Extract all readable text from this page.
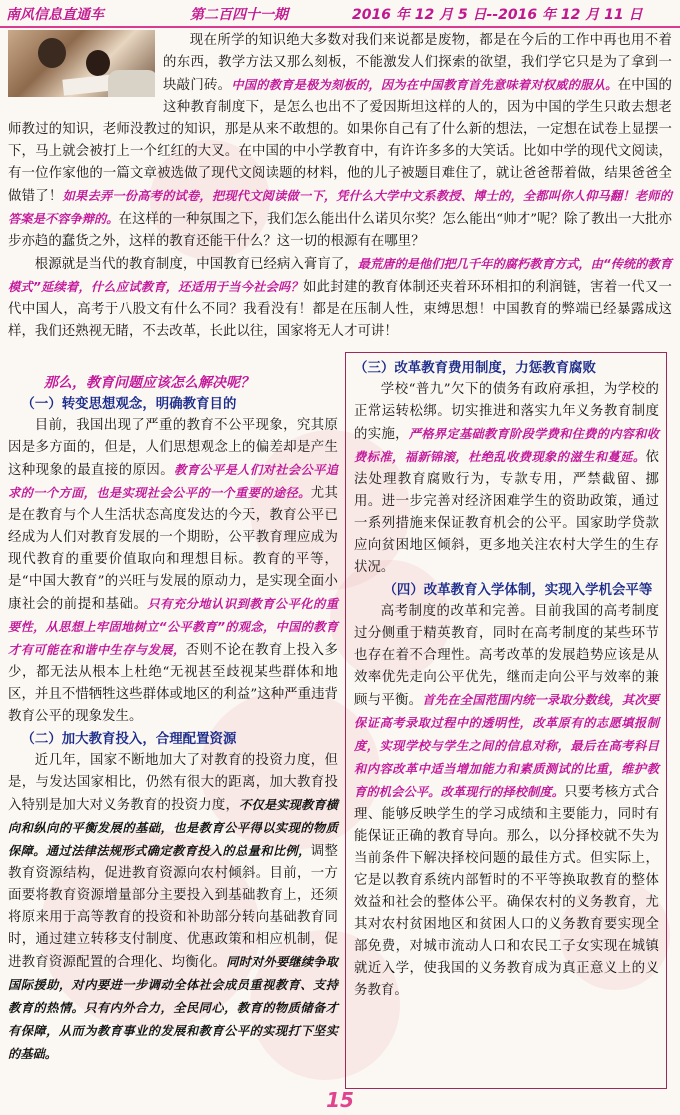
南风信息直通车	第二百四十一期	2016 年 12 月 5 日--2016 年 12 月 11 日

现在所学的知识绝大多数对我们来说都是废物，都是在今后的工作中再也用不着的东西，教学方法又那么刻板，不能激发人们探索的欲望，我们学它只是为了拿到一块敲门砖。中国的教育是极为刻板的，因为在中国教育首先意味着对权威的服从。在中国的这种教育制度下，是怎么也出不了爱因斯坦这样的人的，因为中国的学生只敢去想老师教过的知识，老师没教过的知识，那是从来不敢想的。如果你自己有了什么新的想法，一定想在试卷上显摆一下，马上就会被打上一个红红的大叉。在中国的中小学教育中，有许许多多的大笑话。比如中学的现代文阅读，有一位作家他的一篇文章被选做了现代文阅读题的材料，他的儿子被题目难住了，就让爸爸帮着做，结果爸爸全做错了！如果去弄一份高考的试卷，把现代文阅读做一下，凭什么大学中文系教授、博士的，全都叫你人仰马翻！老师的答案是不容争辩的。在这样的一种氛围之下，我们怎么能出什么诺贝尔奖？怎么能出“帅才”呢？除了教出一大批亦步亦趋的蠢货之外，这样的教育还能干什么？这一切的根源有在哪里？

根源就是当代的教育制度，中国教育已经病入膏肓了，最荒唐的是他们把几千年的腐朽教育方式，由“传统的教育模式”延续着，什么应试教育，还适用于当今社会吗？如此封建的教育体制还夹着环环相扣的利润链，害着一代又一代中国人，高考于八股文有什么不同？我看没有！都是在压制人性，束缚思想！中国教育的弊端已经暴露成这样，我们还熟视无睹，不去改革，长此以往，国家将无人才可讲！

那么，教育问题应该怎么解决呢？
（一）转变思想观念，明确教育目的

目前，我国出现了严重的教育不公平现象，究其原因是多方面的，但是，人们思想观念上的偏差却是产生这种现象的最直接的原因。教育公平是人们对社会公平追求的一个方面，也是实现社会公平的一个重要的途径。尤其是在教育与个人生活状态高度发达的今天，教育公平已经成为人们对教育发展的一个期盼，公平教育理应成为现代教育的重要价值取向和理想目标。教育的平等，是“中国大教育”的兴旺与发展的原动力，是实现全面小康社会的前提和基础。只有充分地认识到教育公平化的重要性，从思想上牢固地树立“公平教育”的观念，中国的教育才有可能在和谐中生存与发展，否则不论在教育上投入多少，都无法从根本上杜绝“无视甚至歧视某些群体和地区，并且不惜牺牲这些群体或地区的利益”这种严重违背教育公平的现象发生。

（二）加大教育投入，合理配置资源

近几年，国家不断地加大了对教育的投资力度，但是，与发达国家相比，仍然有很大的距离，加大教育投入特别是加大对义务教育的投资力度，不仅是实现教育横向和纵向的平衡发展的基础，也是教育公平得以实现的物质保障。通过法律法规形式确定教育投入的总量和比例，调整教育资源结构，促进教育资源向农村倾斜。目前，一方面要将教育资源增量部分主要投入到基础教育上，还须将原来用于高等教育的投资和补助部分转向基础教育同时，通过建立转移支付制度、优惠政策和相应机制，促进教育资源配置的合理化、均衡化。同时对外要继续争取国际援助，对内要进一步调动全体社会成员重视教育、支持教育的热情。只有内外合力，全民同心，教育的物质储备才有保障，从而为教育事业的发展和教育公平的实现打下坚实的基础。

（三）改革教育费用制度，力惩教育腐败

学校“普九”欠下的债务有政府承担，为学校的正常运转松绑。切实推进和落实九年义务教育制度的实施，严格界定基础教育阶段学费和住费的内容和收费标准，福新锦滚，杜绝乱收费现象的滋生和蔓延。依法处理教育腐败行为，专款专用，严禁截留、挪用。进一步完善对经济困难学生的资助政策，通过一系列措施来保证教育机会的公平。国家助学贷款应向贫困地区倾斜，更多地关注农村大学生的生存状况。

（四）改革教育入学体制，实现入学机会平等

高考制度的改革和完善。目前我国的高考制度过分侧重于精英教育，同时在高考制度的某些环节也存在着不合理性。高考改革的发展趋势应该是从效率优先走向公平优先，继而走向公平与效率的兼顾与平衡。首先在全国范围内统一录取分数线，其次要保证高考录取过程中的透明性，改革原有的志愿填报制度，实现学校与学生之间的信息对称，最后在高考科目和内容改革中适当增加能力和素质测试的比重，维护教育的机会公平。改革现行的择校制度。只要考核方式合理、能够反映学生的学习成绩和主要能力，同时有能保证正确的教育导向。那么，以分择校就不失为当前条件下解决择校问题的最佳方式。但实际上，它是以教育系统内部暂时的不平等换取教育的整体效益和社会的整体公平。确保农村的义务教育，尤其对农村贫困地区和贫困人口的义务教育要实现全部免费，对城市流动人口和农民工子女实现在城镇就近入学，使我国的义务教育成为真正意义上的义务教育。

15
